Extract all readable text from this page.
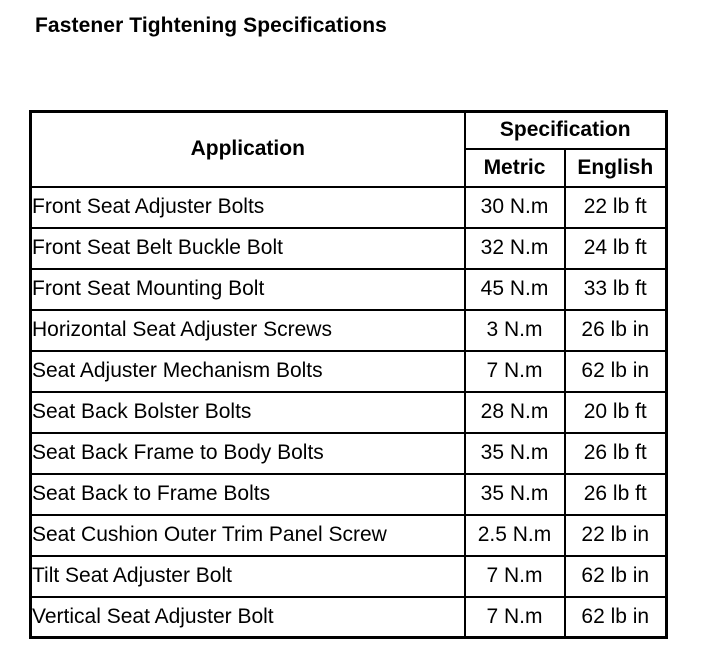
Fastener Tightening Specifications
Application	Specification	
	Metric	English
Front Seat Adjuster Bolts	30 N.m	22 lb ft
Front Seat Belt Buckle Bolt	32 N.m	24 lb ft
Front Seat Mounting Bolt	45 N.m	33 lb ft
Horizontal Seat Adjuster Screws	3 N.m	26 lb in
Seat Adjuster Mechanism Bolts	7 N.m	62 lb in
Seat Back Bolster Bolts	28 N.m	20 lb ft
Seat Back Frame to Body Bolts	35 N.m	26 lb ft
Seat Back to Frame Bolts	35 N.m	26 lb ft
Seat Cushion Outer Trim Panel Screw	2.5 N.m	22 lb in
Tilt Seat Adjuster Bolt	7 N.m	62 lb in
Vertical Seat Adjuster Bolt	7 N.m	62 lb in
